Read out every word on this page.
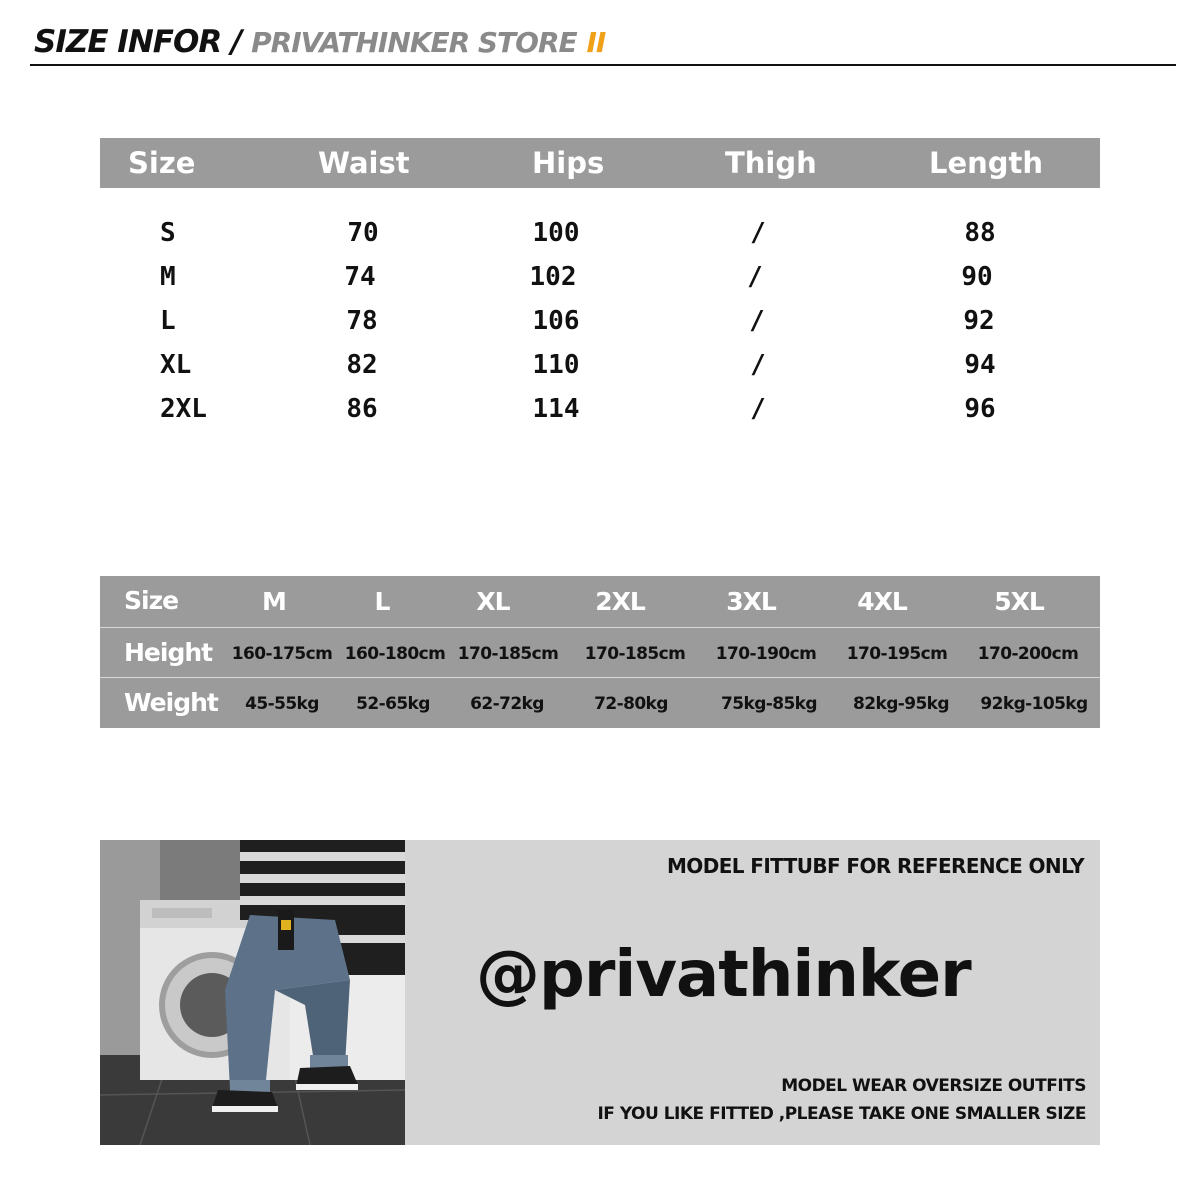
SIZE INFOR / PRIVATHINKER STORE II
Size	Waist	Hips	Thigh	Length
S	70	100	/	88
M	74	102	/	90
L	78	106	/	92
XL	82	110	/	94
2XL	86	114	/	96
Size	M	L	XL	2XL	3XL	4XL	5XL
Height 160-175cm 160-180cm 170-185cm 170-185cm 170-190cm 170-195cm 170-200cm
Weight 45-55kg 52-65kg 62-72kg	72-80kg	75kg-85kg 82kg-95kg 92kg-105kg
MODEL FITTUBF FOR REFERENCE ONLY
@privathinker
MODEL WEAR OVERSIZE OUTFITS
IF YOU LIKE FITTED ,PLEASE TAKE ONE SMALLER SIZE
